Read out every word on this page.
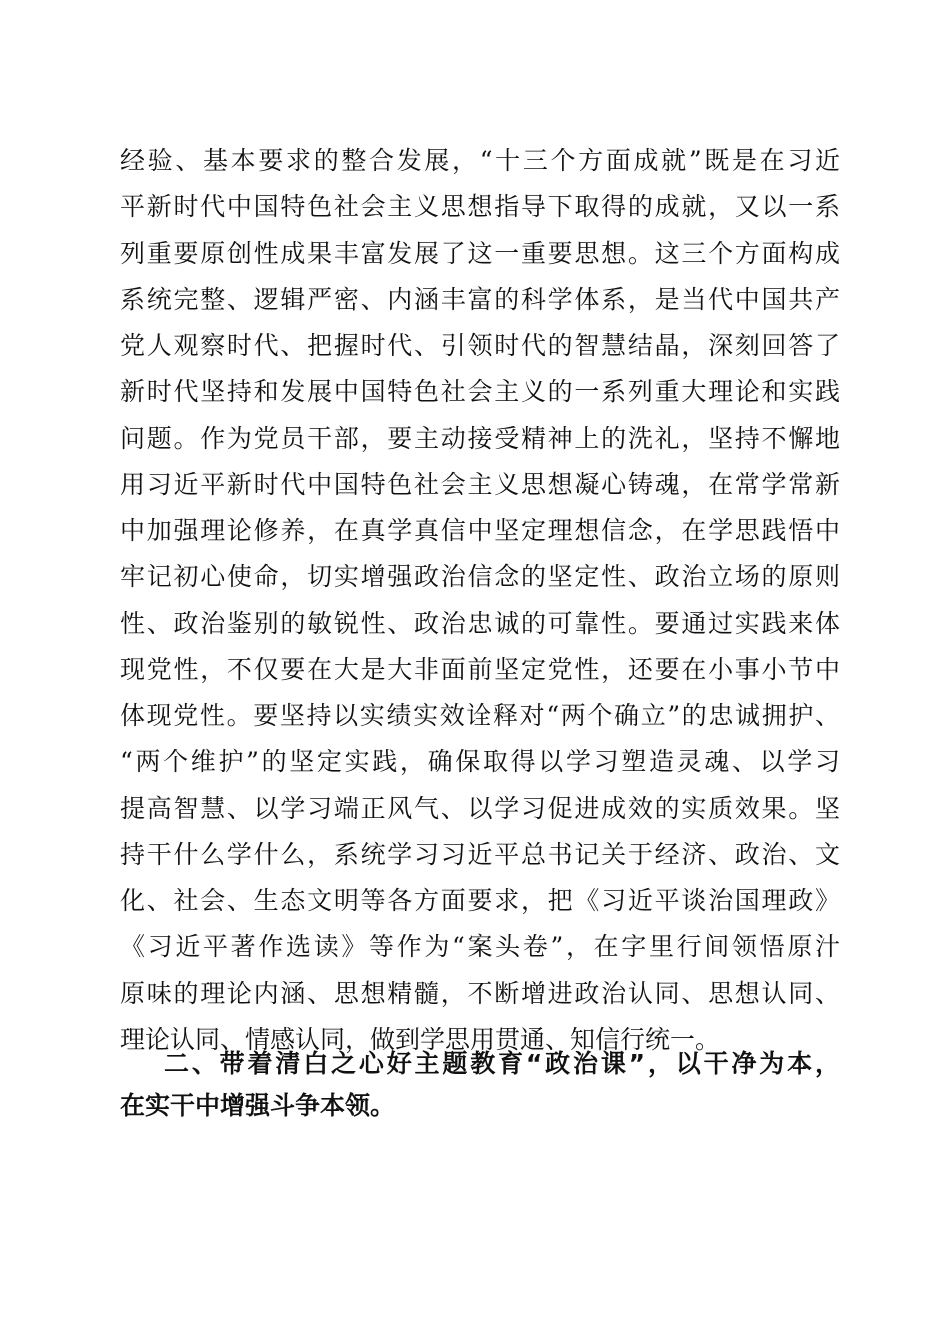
经验、基本要求的整合发展，“十三个方面成就”既是在习近
平新时代中国特色社会主义思想指导下取得的成就，又以一系
列重要原创性成果丰富发展了这一重要思想。这三个方面构成
系统完整、逻辑严密、内涵丰富的科学体系，是当代中国共产
党人观察时代、把握时代、引领时代的智慧结晶，深刻回答了
新时代坚持和发展中国特色社会主义的一系列重大理论和实践
问题。作为党员干部，要主动接受精神上的洗礼，坚持不懈地
用习近平新时代中国特色社会主义思想凝心铸魂，在常学常新
中加强理论修养，在真学真信中坚定理想信念，在学思践悟中
牢记初心使命，切实增强政治信念的坚定性、政治立场的原则
性、政治鉴别的敏锐性、政治忠诚的可靠性。要通过实践来体
现党性，不仅要在大是大非面前坚定党性，还要在小事小节中
体现党性。要坚持以实绩实效诠释对“两个确立”的忠诚拥护、
“两个维护”的坚定实践，确保取得以学习塑造灵魂、以学习
提高智慧、以学习端正风气、以学习促进成效的实质效果。坚
持干什么学什么，系统学习习近平总书记关于经济、政治、文
化、社会、生态文明等各方面要求，把《习近平谈治国理政》
《习近平著作选读》等作为“案头卷”，在字里行间领悟原汁
原味的理论内涵、思想精髓，不断增进政治认同、思想认同、
理论认同、情感认同，做到学思用贯通、知信行统一。
二、带着清白之心好主题教育“政治课”，以干净为本，
在实干中增强斗争本领。
